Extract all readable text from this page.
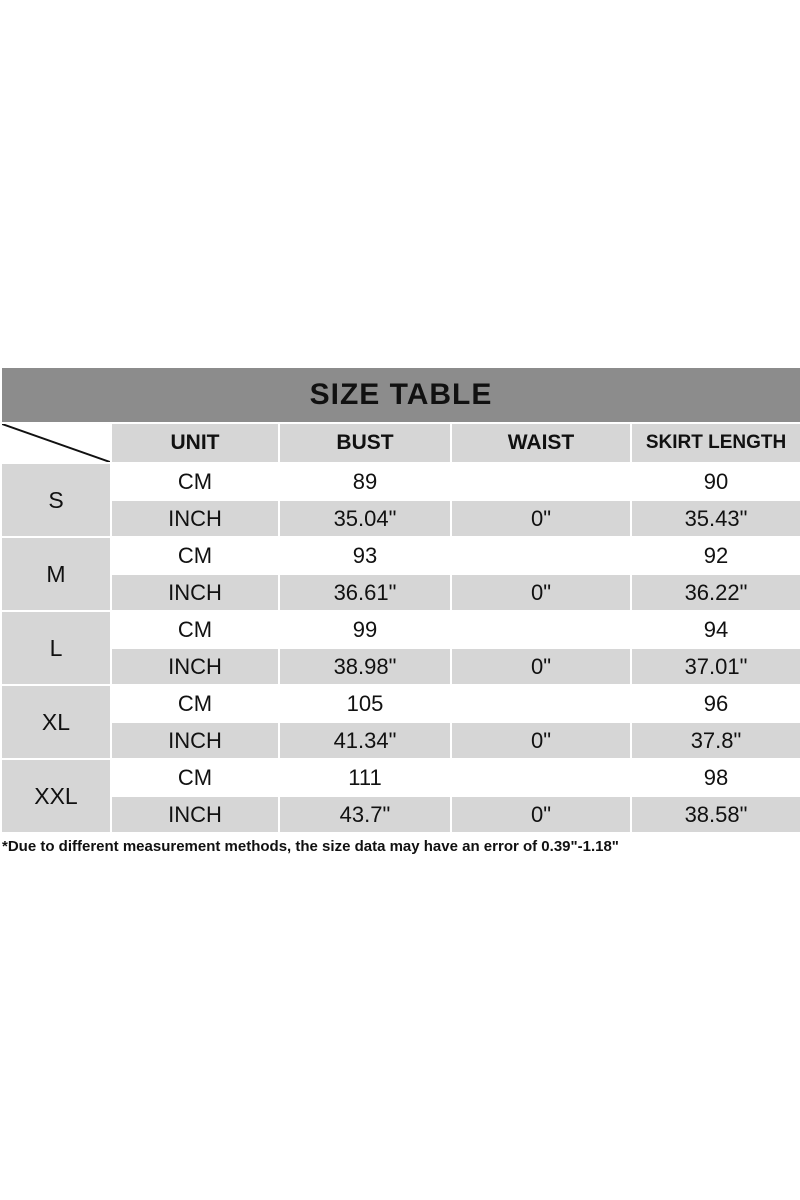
SIZE TABLE				

	UNIT	BUST	WAIST	SKIRT LENGTH
S	CM	89		90
	INCH	35.04"	0"	35.43"
M	CM	93		92
	INCH	36.61"	0"	36.22"
L	CM	99		94
	INCH	38.98"	0"	37.01"
XL	CM	105		96
	INCH	41.34"	0"	37.8"
XXL	CM	111		98
	INCH	43.7"	0"	38.58"
*Due to different measurement methods, the size data may have an error of 0.39"-1.18"				
